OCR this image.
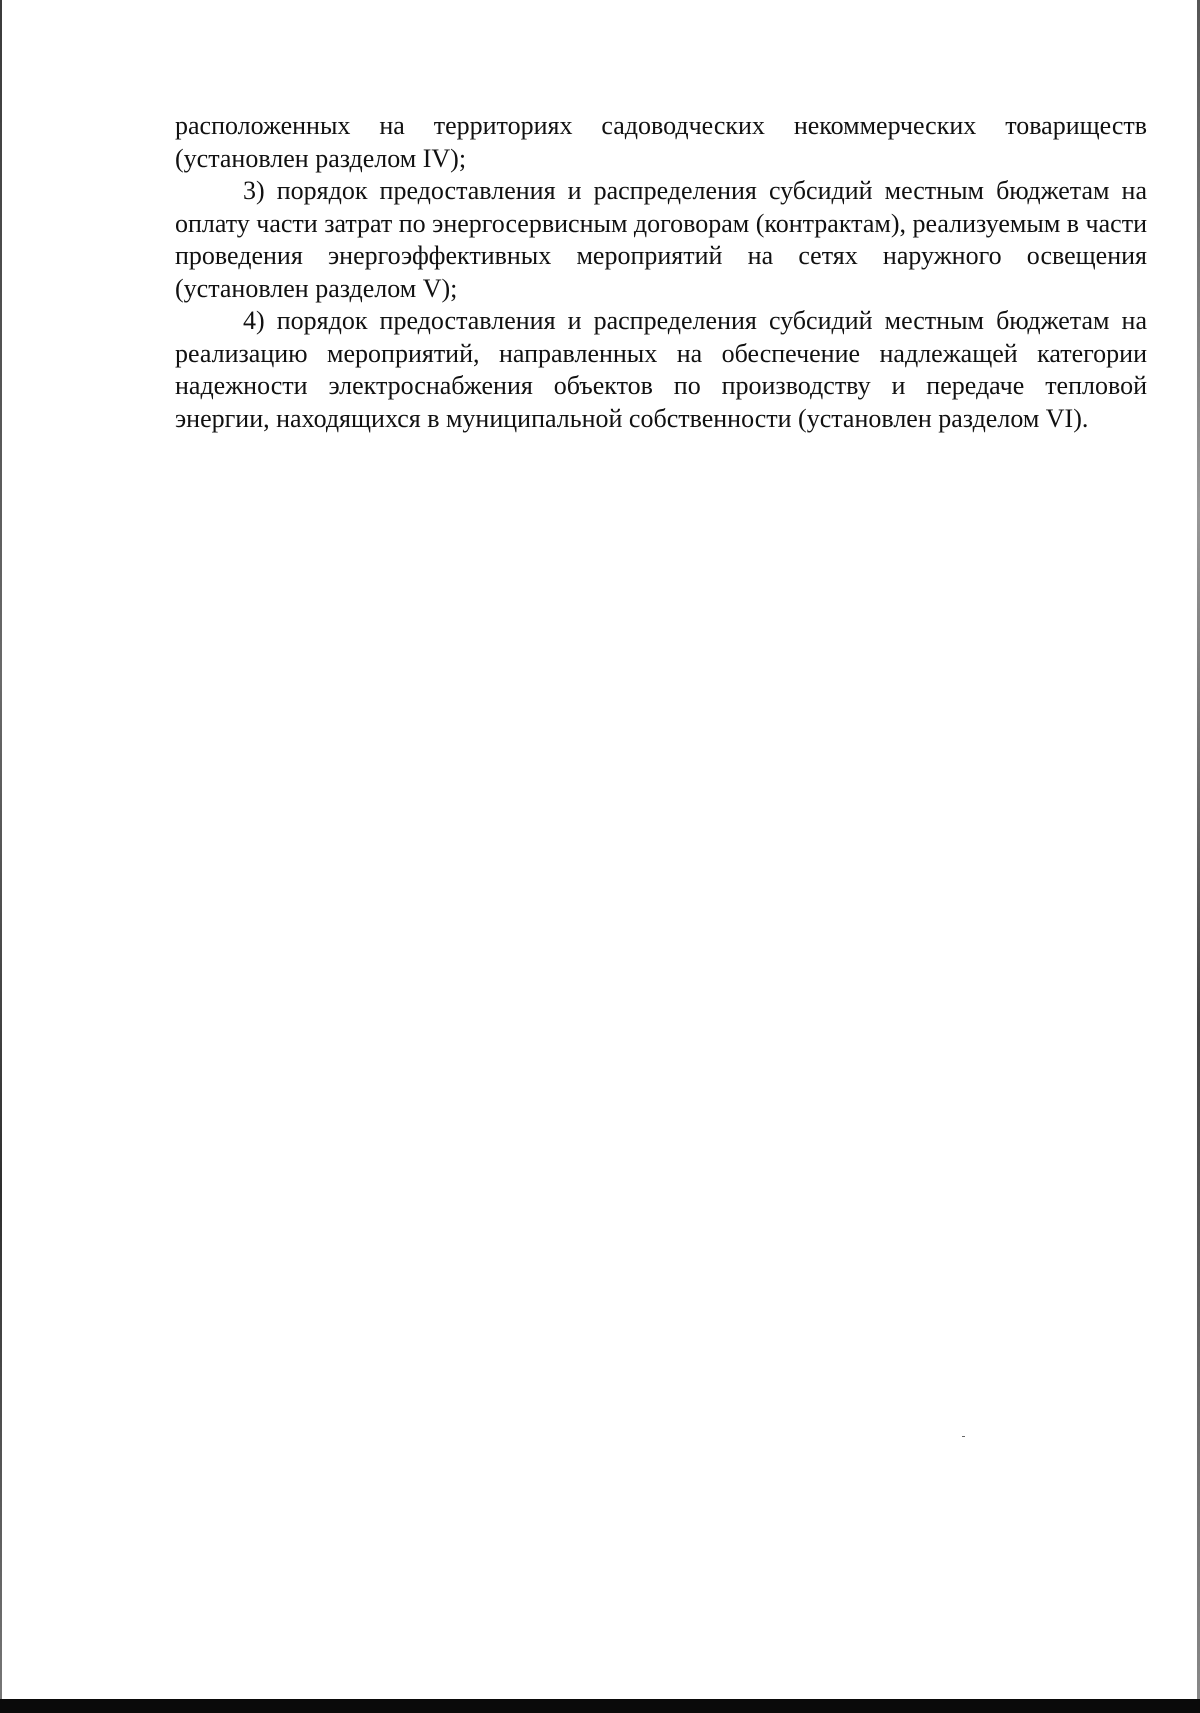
расположенных на территориях садоводческих некоммерческих товариществ (установлен разделом IV);

3) порядок предоставления и распределения субсидий местным бюджетам на оплату части затрат по энергосервисным договорам (контрактам), реализуемым в части проведения энергоэффективных мероприятий на сетях наружного освещения (установлен разделом V);

4) порядок предоставления и распределения субсидий местным бюджетам на реализацию мероприятий, направленных на обеспечение надлежащей категории надежности электроснабжения объектов по производству и передаче тепловой энергии, находящихся в муниципальной собственности (установлен разделом VI).
